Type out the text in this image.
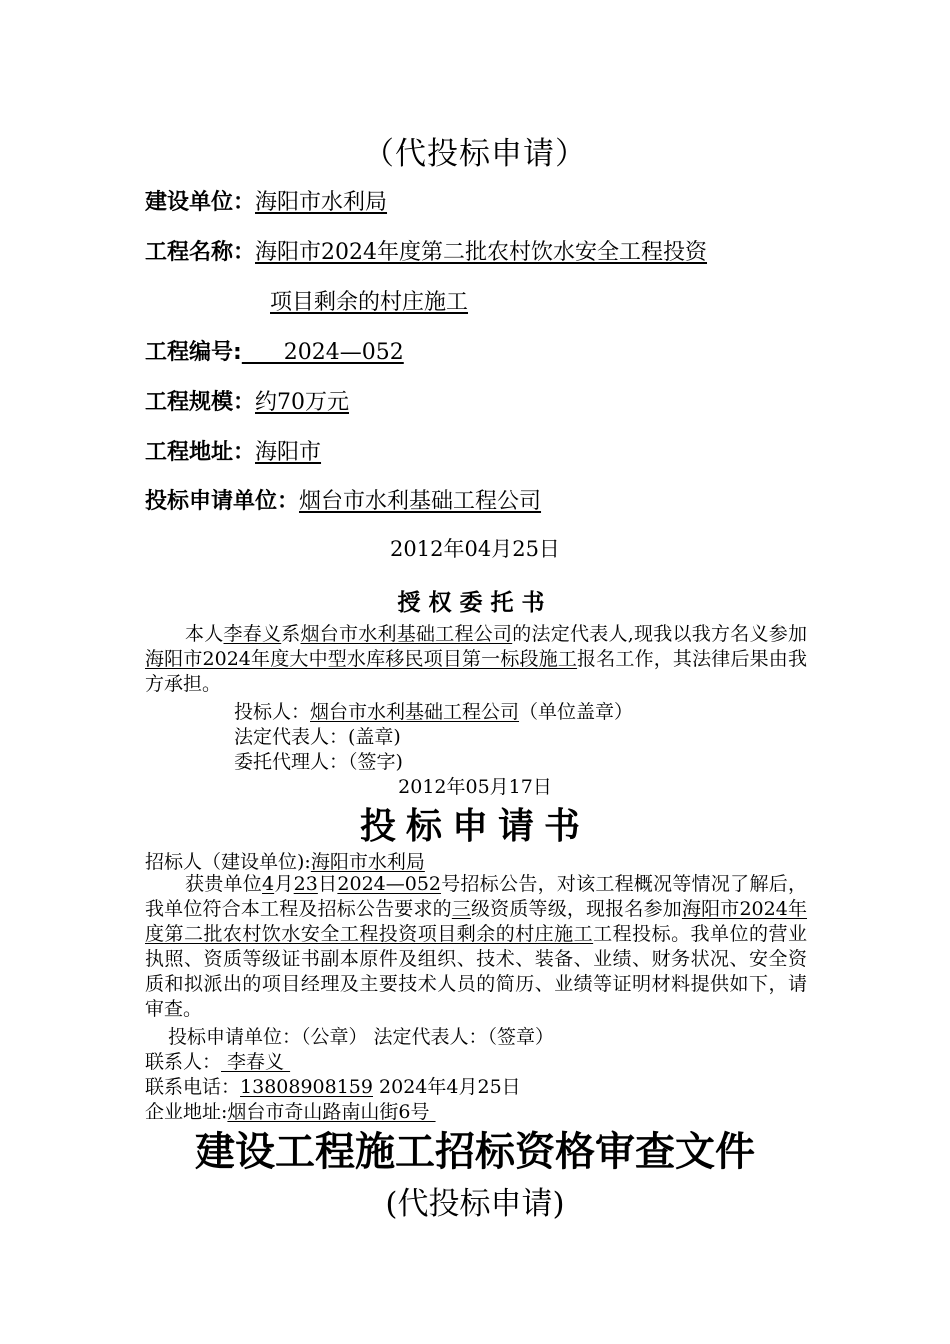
（代投标申请）
建设单位：海阳市水利局
工程名称：海阳市2024年度第二批农村饮水安全工程投资
项目剩余的村庄施工
工程编号:      2024—052
工程规模：约70万元
工程地址：海阳市
投标申请单位：烟台市水利基础工程公司
2012年04月25日
授权委托书
本人李春义系烟台市水利基础工程公司的法定代表人,现我以我方名义参加海阳市2024年度大中型水库移民项目第一标段施工报名工作，其法律后果由我方承担。
投标人：烟台市水利基础工程公司（单位盖章）
法定代表人：(盖章)
委托代理人：（签字)
2012年05月17日
投标申请书
招标人（建设单位):海阳市水利局
获贵单位4月23日2024—052号招标公告，对该工程概况等情况了解后，我单位符合本工程及招标公告要求的三级资质等级，现报名参加海阳市2024年度第二批农村饮水安全工程投资项目剩余的村庄施工工程投标。我单位的营业执照、资质等级证书副本原件及组织、技术、装备、业绩、财务状况、安全资质和拟派出的项目经理及主要技术人员的简历、业绩等证明材料提供如下，请审查。
投标申请单位：（公章） 法定代表人：（签章）
联系人： 李春义
联系电话：13808908159 2024年4月25日
企业地址:烟台市奇山路南山街6号
建设工程施工招标资格审查文件
(代投标申请)
